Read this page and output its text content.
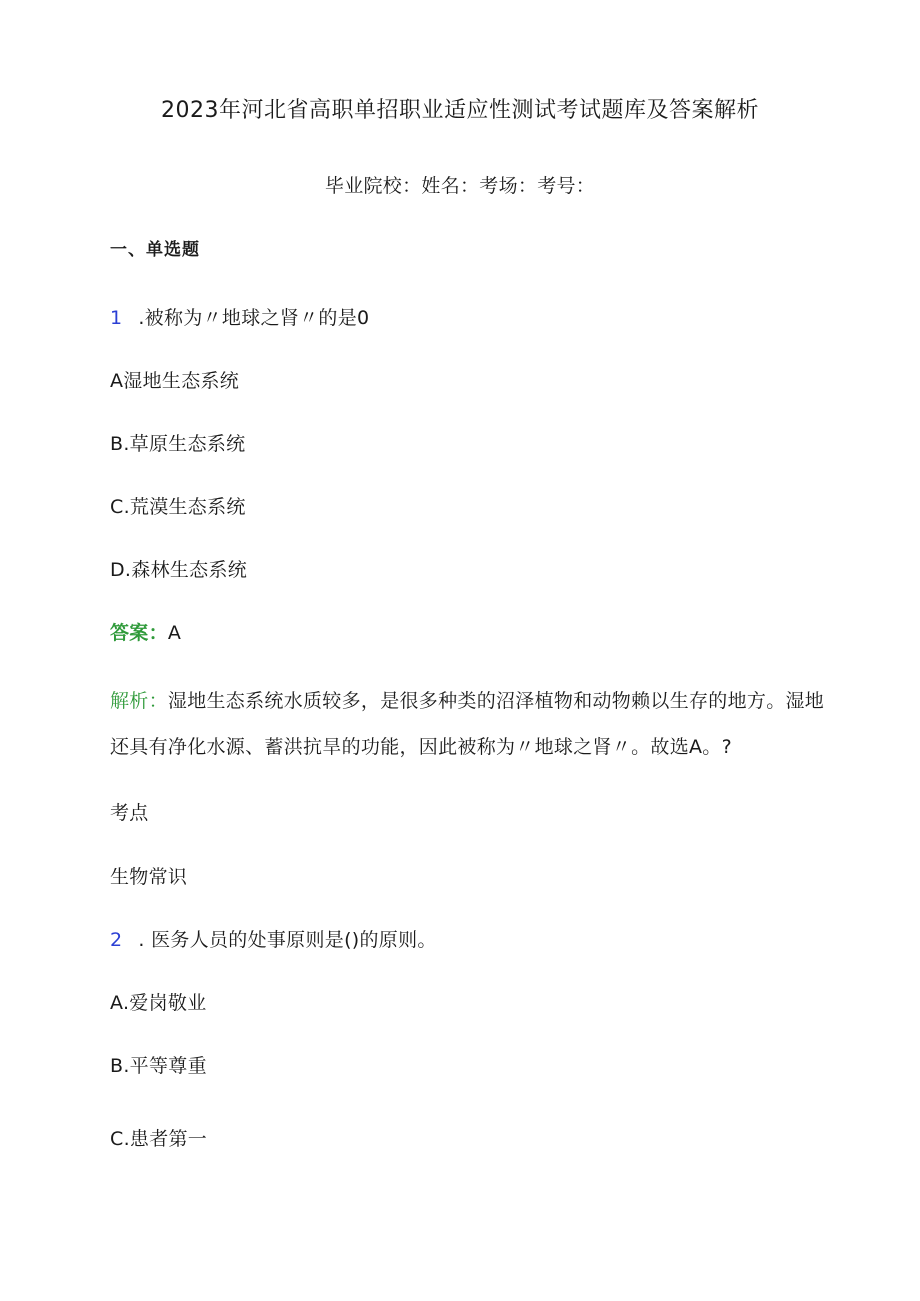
2023年河北省高职单招职业适应性测试考试题库及答案解析
毕业院校：姓名：考场：考号：
一、单选题
1 .被称为〃地球之肾〃的是0
A湿地生态系统
B.草原生态系统
C.荒漠生态系统
D.森林生态系统
答案：A
解析：湿地生态系统水质较多，是很多种类的沼泽植物和动物赖以生存的地方。湿地
还具有净化水源、蓄洪抗旱的功能，因此被称为〃地球之肾〃。故选A。?
考点
生物常识
2 . 医务人员的处事原则是()的原则。
A.爱岗敬业
B.平等尊重
C.患者第一
